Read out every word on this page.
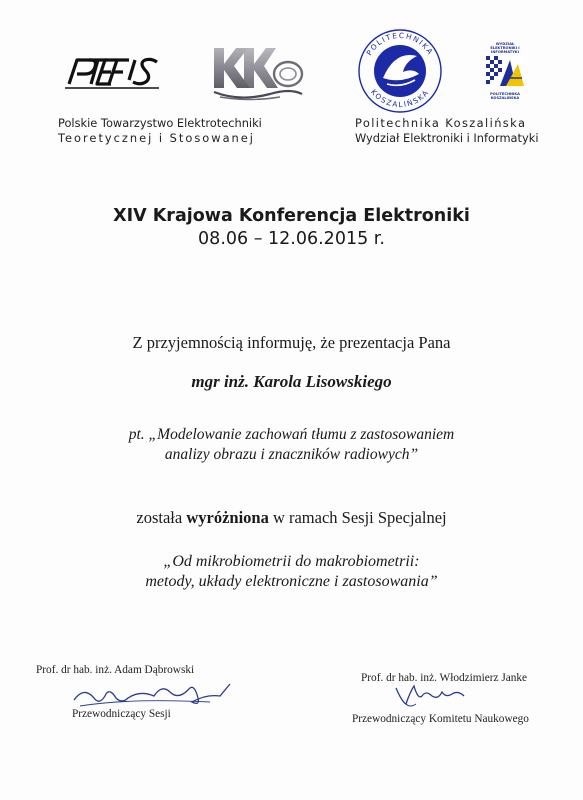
POLITECHNIKA
KOSZALIŃSKA
WYDZIAŁ
ELEKTRONIKI I
INFORMATYKI
POLITECHNIKA
KOSZALIŃSKA
Polskie Towarzystwo Elektrotechniki
Teoretycznej i Stosowanej
Politechnika Koszalińska
Wydział Elektroniki i Informatyki
XIV Krajowa Konferencja Elektroniki
08.06 – 12.06.2015 r.
Z przyjemnością informuję, że prezentacja Pana
mgr inż. Karola Lisowskiego
pt. „Modelowanie zachowań tłumu z zastosowaniem
analizy obrazu i znaczników radiowych”
została wyróżniona w ramach Sesji Specjalnej
„Od mikrobiometrii do makrobiometrii:
metody, układy elektroniczne i zastosowania”
Prof. dr hab. inż. Adam Dąbrowski
Przewodniczący Sesji
Prof. dr hab. inż. Włodzimierz Janke
Przewodniczący Komitetu Naukowego
